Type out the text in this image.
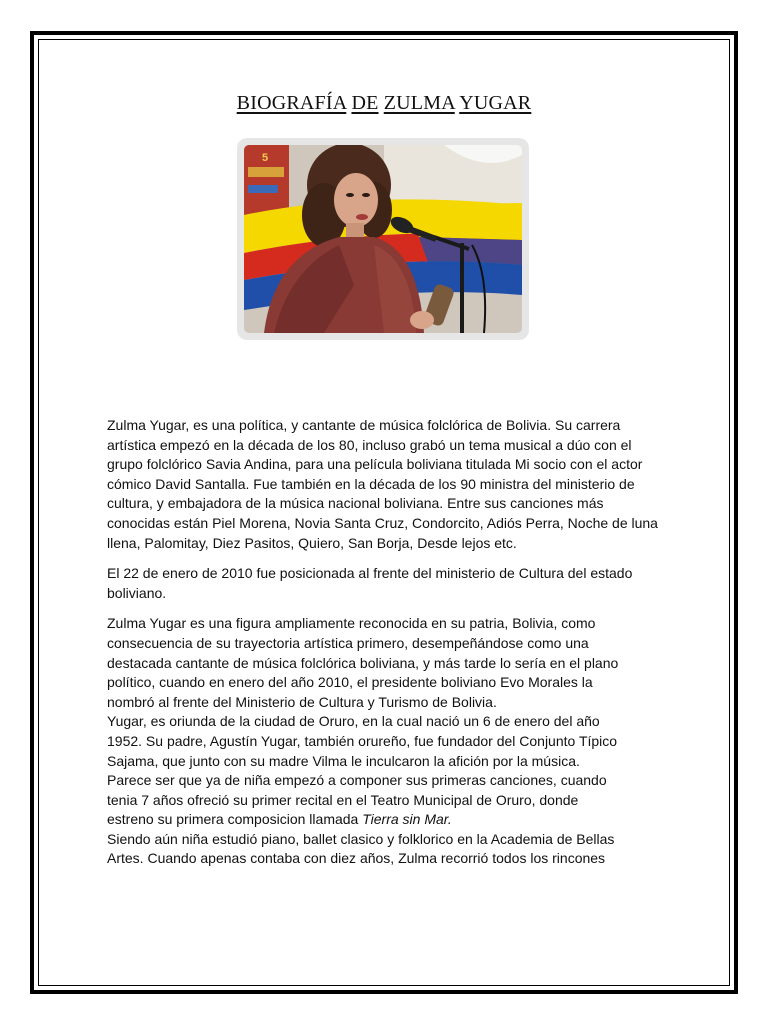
BIOGRAFÍA DE ZULMA YUGAR
5

Zulma Yugar, es una política, y cantante de música folclórica de Bolivia. Su carrera artística empezó en la década de los 80, incluso grabó un tema musical a dúo con el grupo folclórico Savia Andina, para una película boliviana titulada Mi socio con el actor cómico David Santalla. Fue también en la década de los 90 ministra del ministerio de cultura, y embajadora de la música nacional boliviana. Entre sus canciones más conocidas están Piel Morena, Novia Santa Cruz, Condorcito, Adiós Perra, Noche de luna llena, Palomitay, Diez Pasitos, Quiero, San Borja, Desde lejos etc.

El 22 de enero de 2010 fue posicionada al frente del ministerio de Cultura del estado boliviano.

Zulma Yugar es una figura ampliamente reconocida en su patria, Bolivia, como
consecuencia de su trayectoria artística primero, desempeñándose como una
destacada cantante de música folclórica boliviana, y más tarde lo sería en el plano
político, cuando en enero del año 2010, el presidente boliviano Evo Morales la
nombró al frente del Ministerio de Cultura y Turismo de Bolivia.

Yugar, es oriunda de la ciudad de Oruro, en la cual nació un 6 de enero del año
1952. Su padre, Agustín Yugar, también orureño, fue fundador del Conjunto Típico
Sajama, que junto con su madre Vilma le inculcaron la afición por la música.
Parece ser que ya de niña empezó a componer sus primeras canciones, cuando
tenia 7 años ofreció su primer recital en el Teatro Municipal de Oruro, donde
estreno su primera composicion llamada Tierra sin Mar.

Siendo aún niña estudió piano, ballet clasico y folklorico en la Academia de Bellas
Artes. Cuando apenas contaba con diez años, Zulma recorrió todos los rincones
